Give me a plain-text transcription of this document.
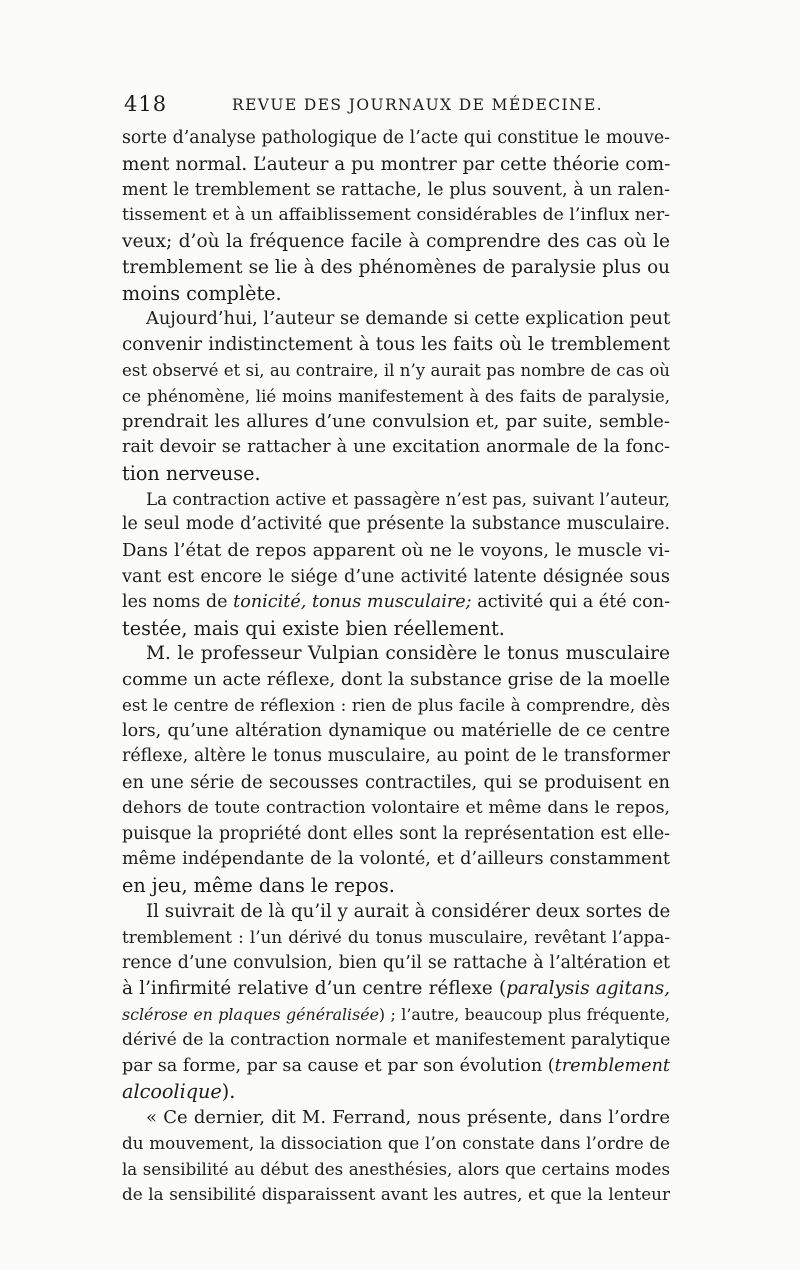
418	REVUE DES JOURNAUX DE MÉDECINE.
sorte d’analyse pathologique de l’acte qui constitue le mouve-
ment normal. L’auteur a pu montrer par cette théorie com-
ment le tremblement se rattache, le plus souvent, à un ralen-
tissement et à un affaiblissement considérables de l’influx ner-
veux; d’où la fréquence facile à comprendre des cas où le
tremblement se lie à des phénomènes de paralysie plus ou
moins complète.
Aujourd’hui, l’auteur se demande si cette explication peut
convenir indistinctement à tous les faits où le tremblement
est observé et si, au contraire, il n’y aurait pas nombre de cas où
ce phénomène, lié moins manifestement à des faits de paralysie,
prendrait les allures d’une convulsion et, par suite, semble-
rait devoir se rattacher à une excitation anormale de la fonc-
tion nerveuse.
La contraction active et passagère n’est pas, suivant l’auteur,
le seul mode d’activité que présente la substance musculaire.
Dans l’état de repos apparent où ne le voyons, le muscle vi-
vant est encore le siége d’une activité latente désignée sous
les noms de tonicité, tonus musculaire; activité qui a été con-
testée, mais qui existe bien réellement.
M. le professeur Vulpian considère le tonus musculaire
comme un acte réflexe, dont la substance grise de la moelle
est le centre de réflexion : rien de plus facile à comprendre, dès
lors, qu’une altération dynamique ou matérielle de ce centre
réflexe, altère le tonus musculaire, au point de le transformer
en une série de secousses contractiles, qui se produisent en
dehors de toute contraction volontaire et même dans le repos,
puisque la propriété dont elles sont la représentation est elle-
même indépendante de la volonté, et d’ailleurs constamment
en jeu, même dans le repos.
Il suivrait de là qu’il y aurait à considérer deux sortes de
tremblement : l’un dérivé du tonus musculaire, revêtant l’appa-
rence d’une convulsion, bien qu’il se rattache à l’altération et
à l’infirmité relative d’un centre réflexe (paralysis agitans,
sclérose en plaques généralisée) ; l’autre, beaucoup plus fréquente,
dérivé de la contraction normale et manifestement paralytique
par sa forme, par sa cause et par son évolution (tremblement
alcoolique).
« Ce dernier, dit M. Ferrand, nous présente, dans l’ordre
du mouvement, la dissociation que l’on constate dans l’ordre de
la sensibilité au début des anesthésies, alors que certains modes
de la sensibilité disparaissent avant les autres, et que la lenteur
